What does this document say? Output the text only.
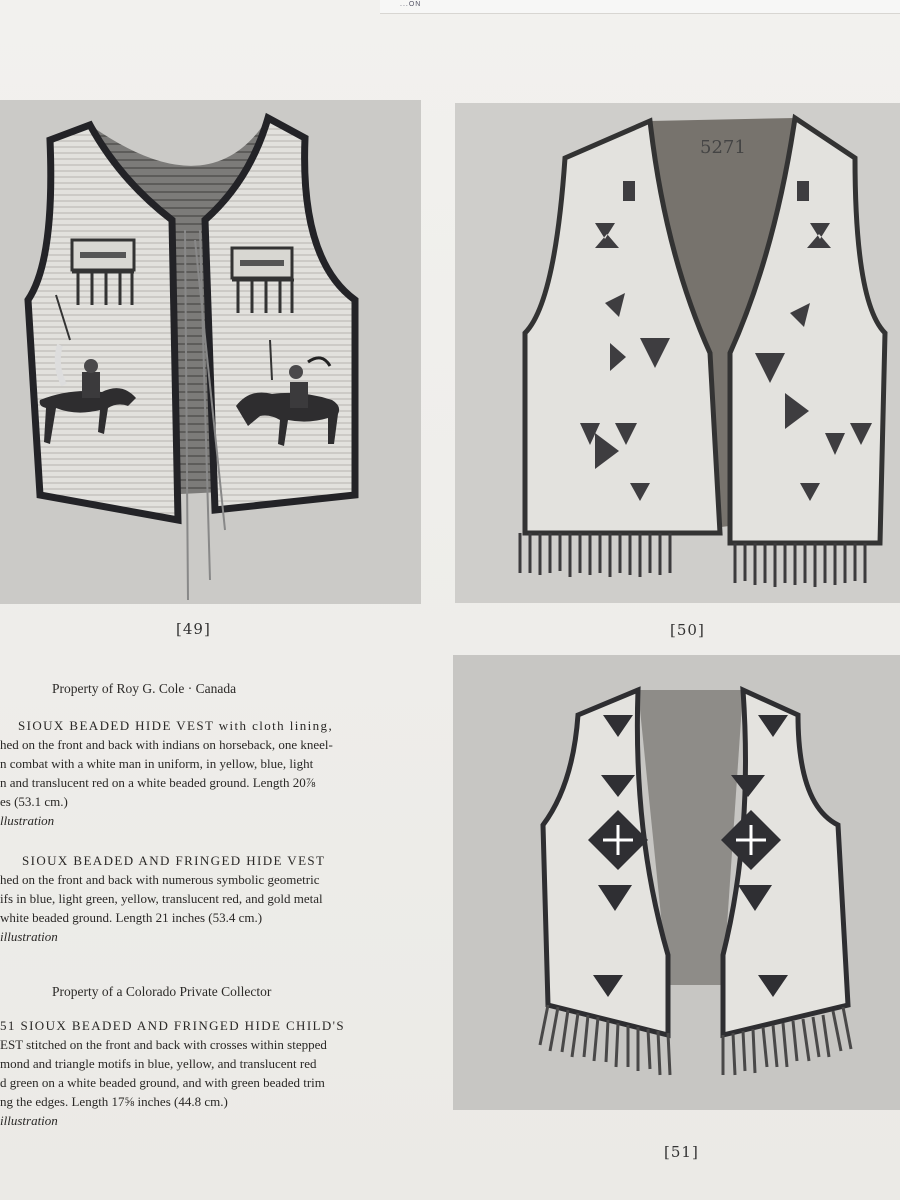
...ON
5271
[49]	[50]
[51]
Property of Roy G. Cole · Canada
Property of a Colorado Private Collector
SIOUX BEADED HIDE VEST with cloth lining,
hed on the front and back with indians on horseback, one kneel-
n combat with a white man in uniform, in yellow, blue, light
n and translucent red on a white beaded ground. Length 20⅞
es (53.1 cm.)
llustration
SIOUX BEADED AND FRINGED HIDE VEST
hed on the front and back with numerous symbolic geometric
ifs in blue, light green, yellow, translucent red, and gold metal
white beaded ground. Length 21 inches (53.4 cm.)
illustration
51 SIOUX BEADED AND FRINGED HIDE CHILD'S
EST stitched on the front and back with crosses within stepped
mond and triangle motifs in blue, yellow, and translucent red
d green on a white beaded ground, and with green beaded trim
ng the edges. Length 17⅝ inches (44.8 cm.)
illustration
